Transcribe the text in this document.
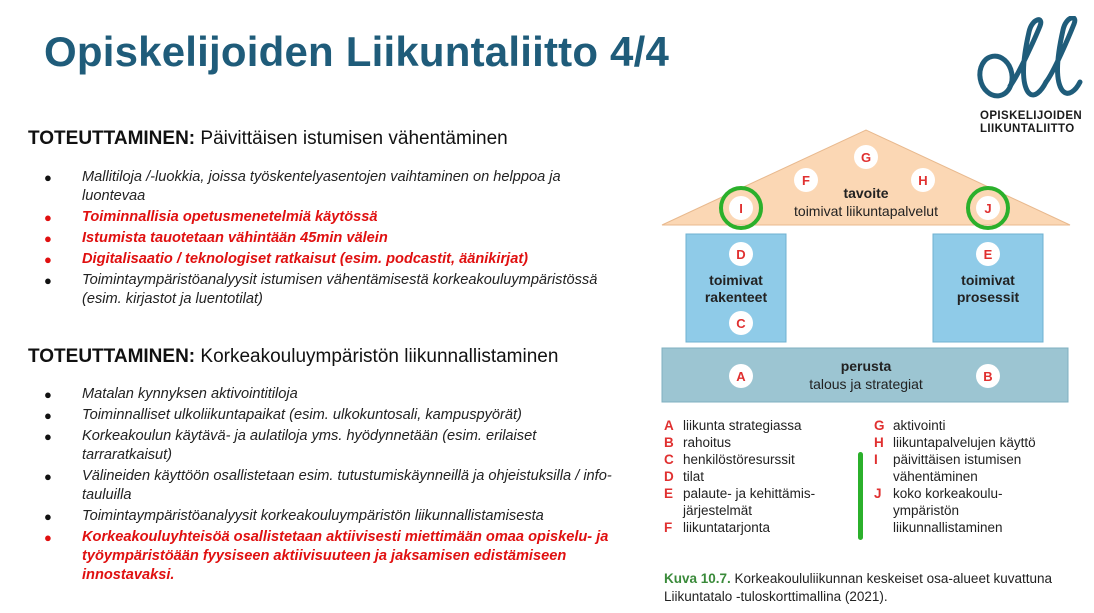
Opiskelijoiden Liikuntaliitto 4/4
OPISKELIJOIDEN
LIIKUNTALIITTO
TOTEUTTAMINEN: Päivittäisen istumisen vähentäminen
● Mallitiloja /-luokkia, joissa työskentelyasentojen vaihtaminen on helppoa ja luontevaa
● Toiminnallisia opetusmenetelmiä käytössä
● Istumista tauotetaan vähintään 45min välein
● Digitalisaatio / teknologiset ratkaisut (esim. podcastit, äänikirjat)
● Toimintaympäristöanalyysit istumisen vähentämisestä korkeakouluympäristössä (esim. kirjastot ja luentotilat)
TOTEUTTAMINEN: Korkeakouluympäristön liikunnallistaminen
● Matalan kynnyksen aktivointitiloja
● Toiminnalliset ulkoliikuntapaikat (esim. ulkokuntosali, kampuspyörät)
● Korkeakoulun käytävä- ja aulatiloja yms. hyödynnetään (esim. erilaiset tarraratkaisut)
● Välineiden käyttöön osallistetaan esim. tutustumiskäynneillä ja ohjeistuksilla / info-tauluilla
● Toimintaympäristöanalyysit korkeakouluympäristön liikunnallistamisesta
● Korkeakouluyhteisöä osallistetaan aktiivisesti miettimään omaa opiskelu- ja työympäristöään fyysiseen aktiivisuuteen ja jaksamisen edistämiseen innostavaksi.
tavoite
toimivat liikuntapalvelut
toimivat
rakenteet
toimivat
prosessit
perusta
talous ja strategiat
G
F	H
I	J
D	E
C
A	B
A liikunta strategiassa
B rahoitus
C henkilöstöresurssit
D tilat
E palaute- ja kehittämis-
järjestelmät
F liikuntatarjonta
G aktivointi
H liikuntapalvelujen käyttö
I	päivittäisen istumisen
vähentäminen
J koko korkeakoulu-
ympäristön
liikunnallistaminen
Kuva 10.7. Korkeakoululiikunnan keskeiset osa-alueet kuvattuna Liikuntatalo -tuloskorttimallina (2021).
